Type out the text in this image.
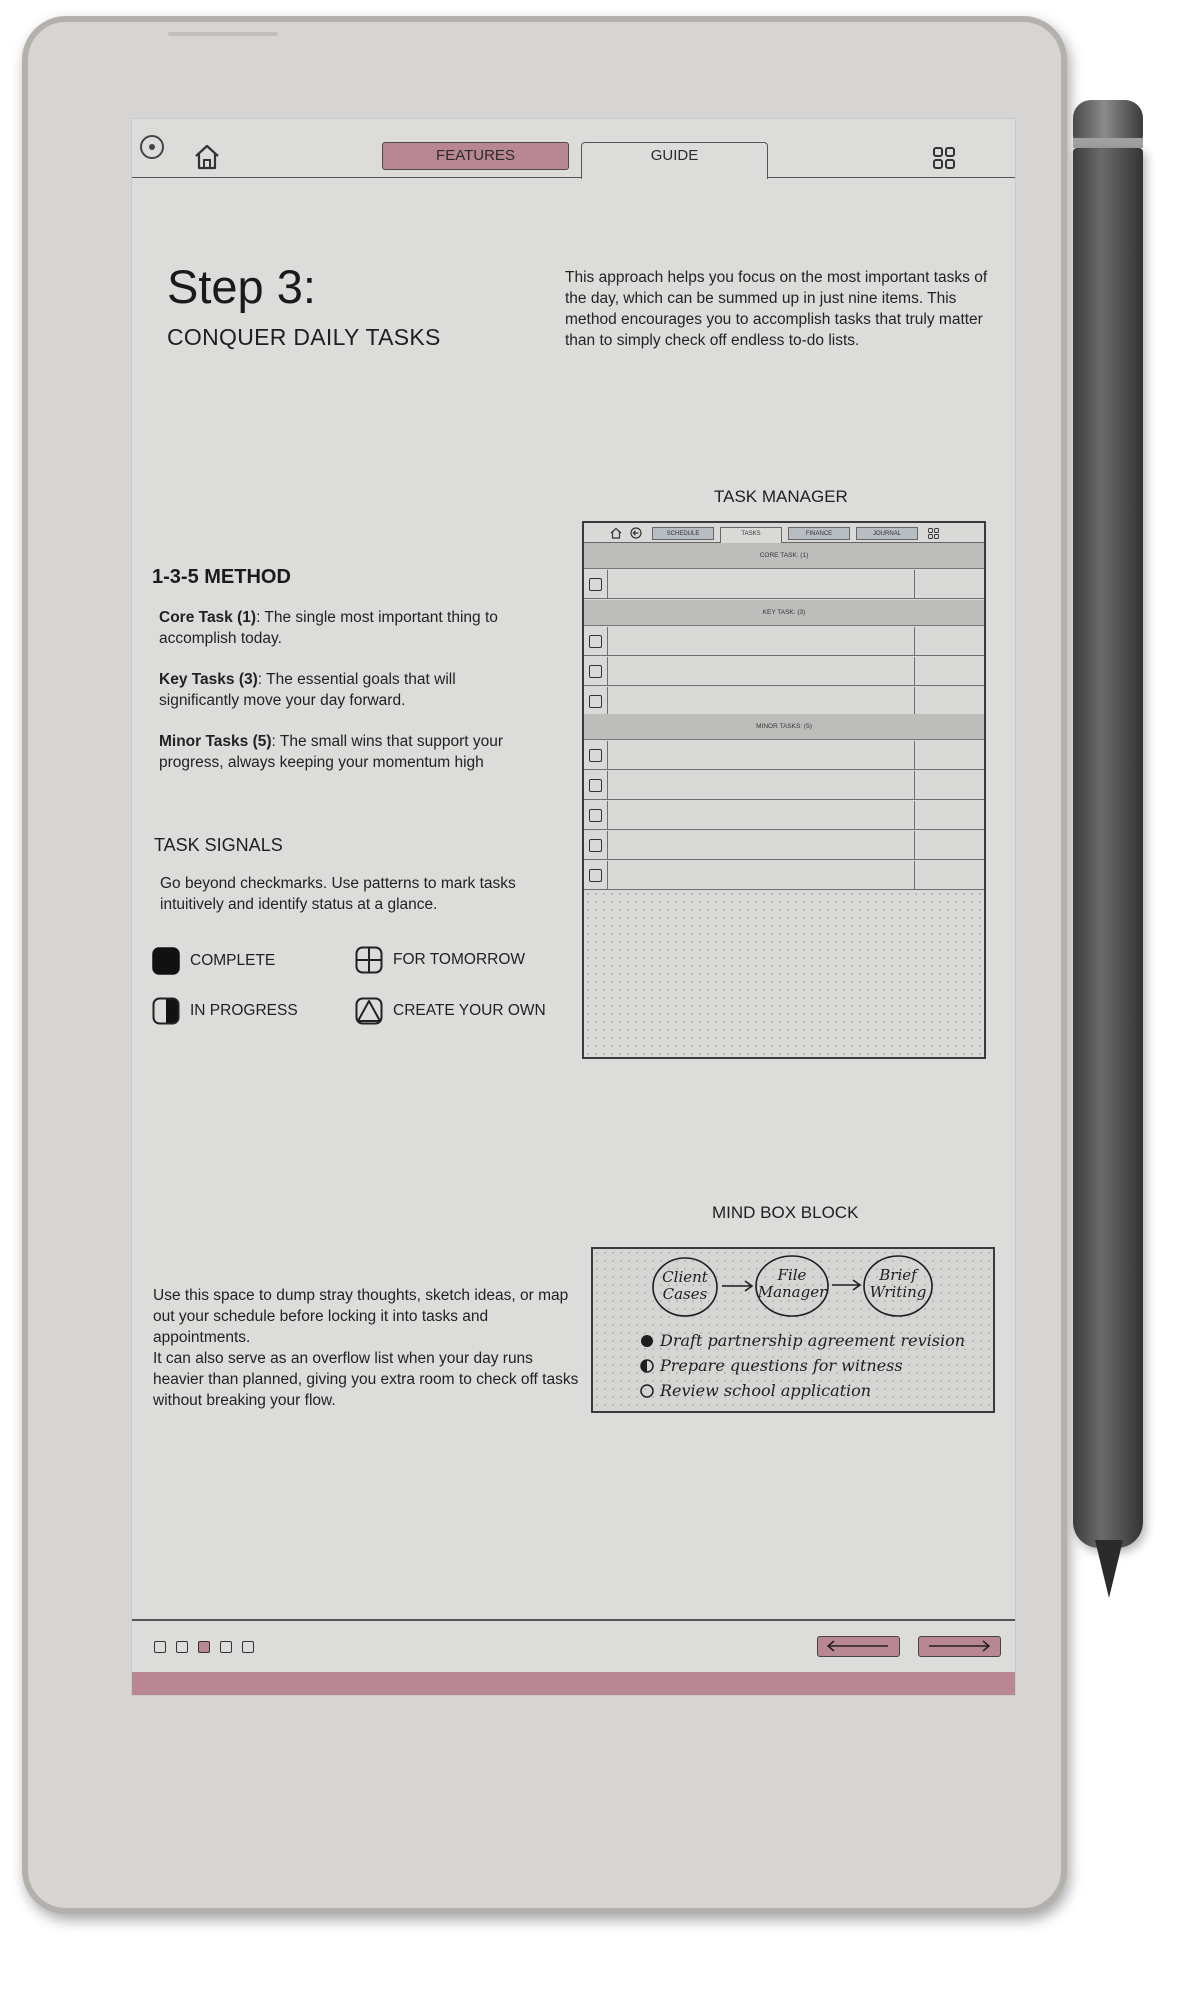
FEATURES	GUIDE
Step 3:
CONQUER DAILY TASKS
This approach helps you focus on the most important tasks of the day, which can be summed up in just nine items. This method encourages you to accomplish tasks that truly matter than to simply check off endless to-do lists.
1-3-5 METHOD
Core Task (1): The single most important thing to accomplish today.
Key Tasks (3): The essential goals that will significantly move your day forward.
Minor Tasks (5): The small wins that support your progress, always keeping your momentum high
TASK SIGNALS
Go beyond checkmarks. Use patterns to mark tasks intuitively and identify status at a glance.
COMPLETE	FOR TOMORROW
IN PROGRESS	CREATE YOUR OWN
TASK MANAGER
SCHEDULE	TASKS	FINANCE	JOURNAL
CORE TASK: (1)
KEY TASK: (3)
MINOR TASKS: (5)
MIND BOX BLOCK
Client
Cases
File
Manager
Brief
Writing
Draft partnership agreement revision
Prepare questions for witness
Review school application
Use this space to dump stray thoughts, sketch ideas, or map out your schedule before locking it into tasks and appointments.
It can also serve as an overflow list when your day runs heavier than planned, giving you extra room to check off tasks without breaking your flow.
